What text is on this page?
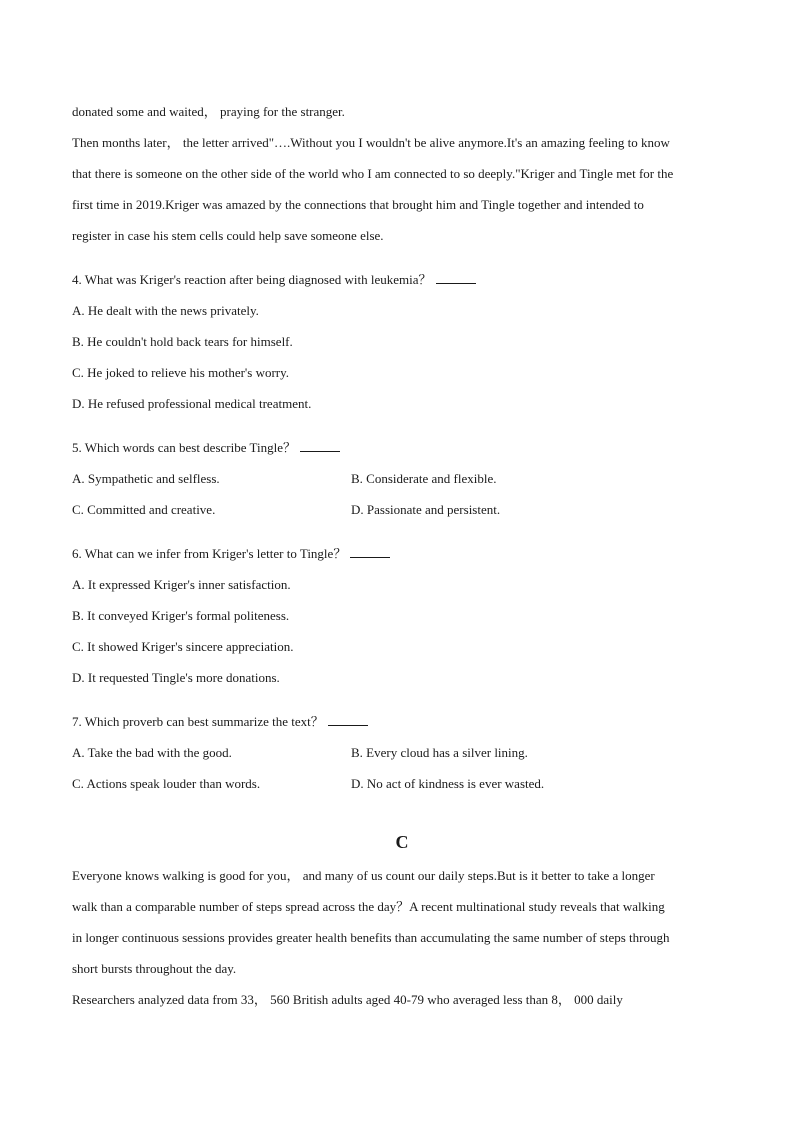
donated some and waited， praying for the stranger.
Then months later， the letter arrived"….Without you I wouldn't be alive anymore.It's an amazing feeling to know
that there is someone on the other side of the world who I am connected to so deeply."Kriger and Tingle met for the
first time in 2019.Kriger was amazed by the connections that brought him and Tingle together and intended to
register in case his stem cells could help save someone else.
4. What was Kriger's reaction after being diagnosed with leukemia？
A. He dealt with the news privately.
B. He couldn't hold back tears for himself.
C. He joked to relieve his mother's worry.
D. He refused professional medical treatment.
5. Which words can best describe Tingle？
A. Sympathetic and selfless.	B. Considerate and flexible.
C. Committed and creative.	D. Passionate and persistent.
6. What can we infer from Kriger's letter to Tingle？
A. It expressed Kriger's inner satisfaction.
B. It conveyed Kriger's formal politeness.
C. It showed Kriger's sincere appreciation.
D. It requested Tingle's more donations.
7. Which proverb can best summarize the text？
A. Take the bad with the good.	B. Every cloud has a silver lining.
C. Actions speak louder than words.	D. No act of kindness is ever wasted.
C
Everyone knows walking is good for you， and many of us count our daily steps.But is it better to take a longer
walk than a comparable number of steps spread across the day？A recent multinational study reveals that walking
in longer continuous sessions provides greater health benefits than accumulating the same number of steps through
short bursts throughout the day.
Researchers analyzed data from 33， 560 British adults aged 40-79 who averaged less than 8， 000 daily
